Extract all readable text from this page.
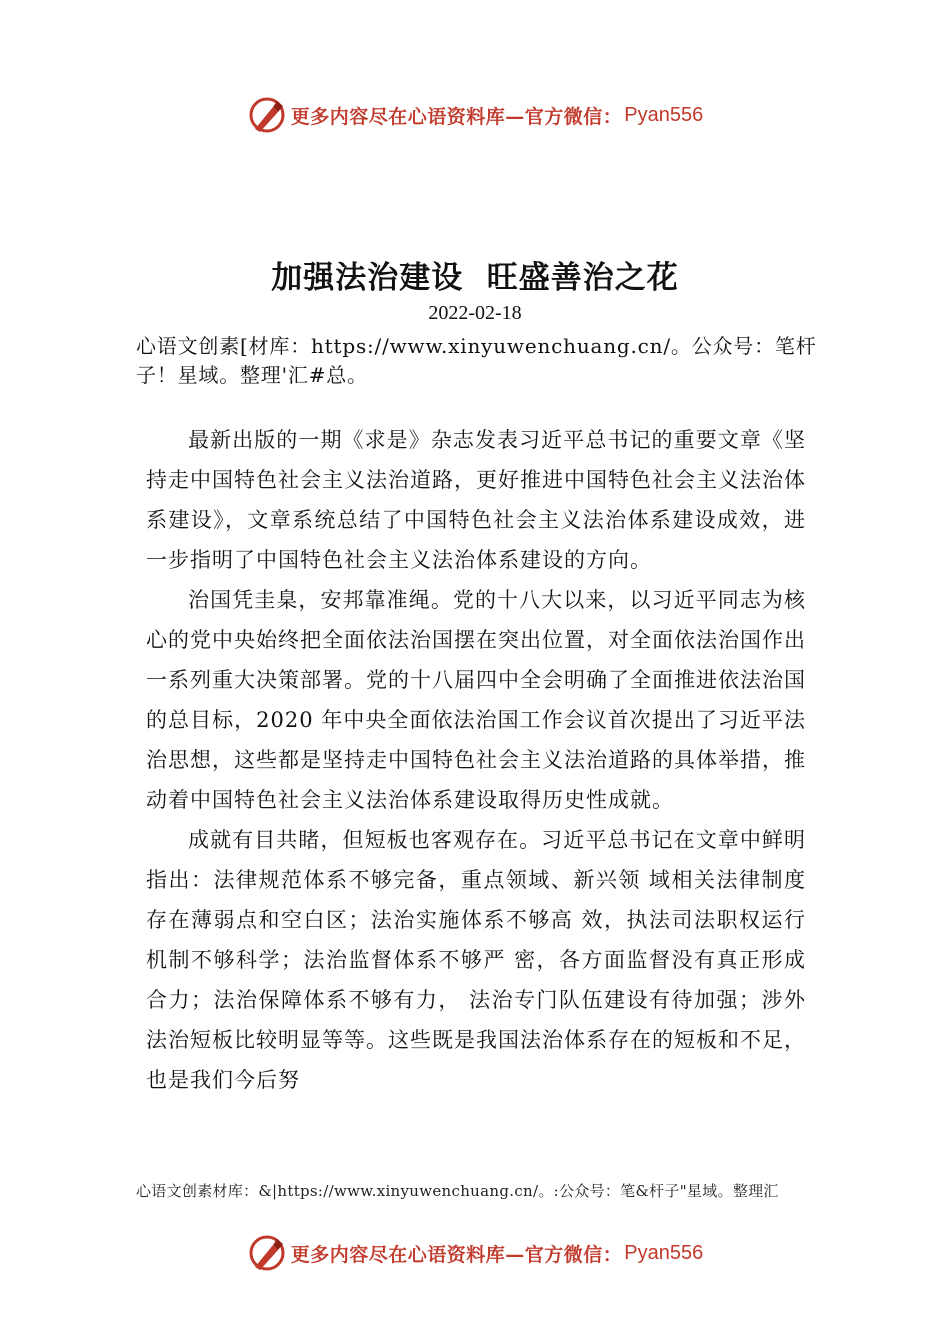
更多内容尽在心语资料库—官方微信： Pyan556
加强法治建设  旺盛善治之花
2022-02-18
心语文创素[材库：https://www.xinyuwenchuang.cn/。公众号：笔杆子！星域。整理'汇#总。

最新出版的一期《求是》杂志发表习近平总书记的重要文章《坚持走中国特色社会主义法治道路，更好推进中国特色社会主义法治体系建设》，文章系统总结了中国特色社会主义法治体系建设成效，进一步指明了中国特色社会主义法治体系建设的方向。

治国凭圭臬，安邦靠准绳。党的十八大以来，以习近平同志为核心的党中央始终把全面依法治国摆在突出位置，对全面依法治国作出一系列重大决策部署。党的十八届四中全会明确了全面推进依法治国的总目标，2020 年中央全面依法治国工作会议首次提出了习近平法治思想，这些都是坚持走中国特色社会主义法治道路的具体举措，推动着中国特色社会主义法治体系建设取得历史性成就。

成就有目共睹，但短板也客观存在。习近平总书记在文章中鲜明指出：法律规范体系不够完备，重点领域、新兴领 域相关法律制度存在薄弱点和空白区；法治实施体系不够高 效，执法司法职权运行机制不够科学；法治监督体系不够严 密，各方面监督没有真正形成合力；法治保障体系不够有力， 法治专门队伍建设有待加强；涉外法治短板比较明显等等。这些既是我国法治体系存在的短板和不足，也是我们今后努

心语文创素材库：&|https://www.xinyuwenchuang.cn/。:公众号：笔&杆子"星域。整理汇
更多内容尽在心语资料库—官方微信： Pyan556
